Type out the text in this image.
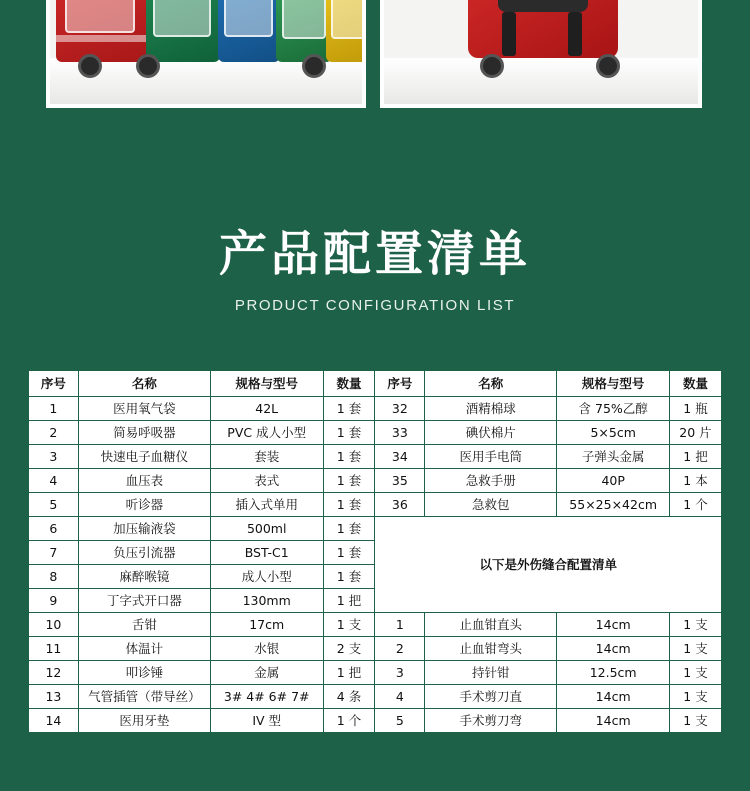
产品配置清单
PRODUCT CONFIGURATION LIST
序号	名称	规格与型号	数量	序号	名称	规格与型号	数量
1	医用氧气袋	42L	1 套	32	酒精棉球	含 75%乙醇	1 瓶
2	简易呼吸器	PVC 成人小型	1 套	33	碘伏棉片	5×5cm	20 片
3	快速电子血糖仪	套装	1 套	34	医用手电筒	子弹头金属	1 把
4	血压表	表式	1 套	35	急救手册	40P	1 本
5	听诊器	插入式单用	1 套	36	急救包	55×25×42cm	1 个
6	加压输液袋	500ml	1 套	以下是外伤缝合配置清单			
7	负压引流器	BST-C1	1 套				
8	麻醉喉镜	成人小型	1 套				
9	丁字式开口器	130mm	1 把				
10	舌钳	17cm	1 支	1	止血钳直头	14cm	1 支
11	体温计	水银	2 支	2	止血钳弯头	14cm	1 支
12	叩诊锤	金属	1 把	3	持针钳	12.5cm	1 支
13	气管插管（带导丝）	3# 4# 6# 7#	4 条	4	手术剪刀直	14cm	1 支
14	医用牙垫	IV 型	1 个	5	手术剪刀弯	14cm	1 支
